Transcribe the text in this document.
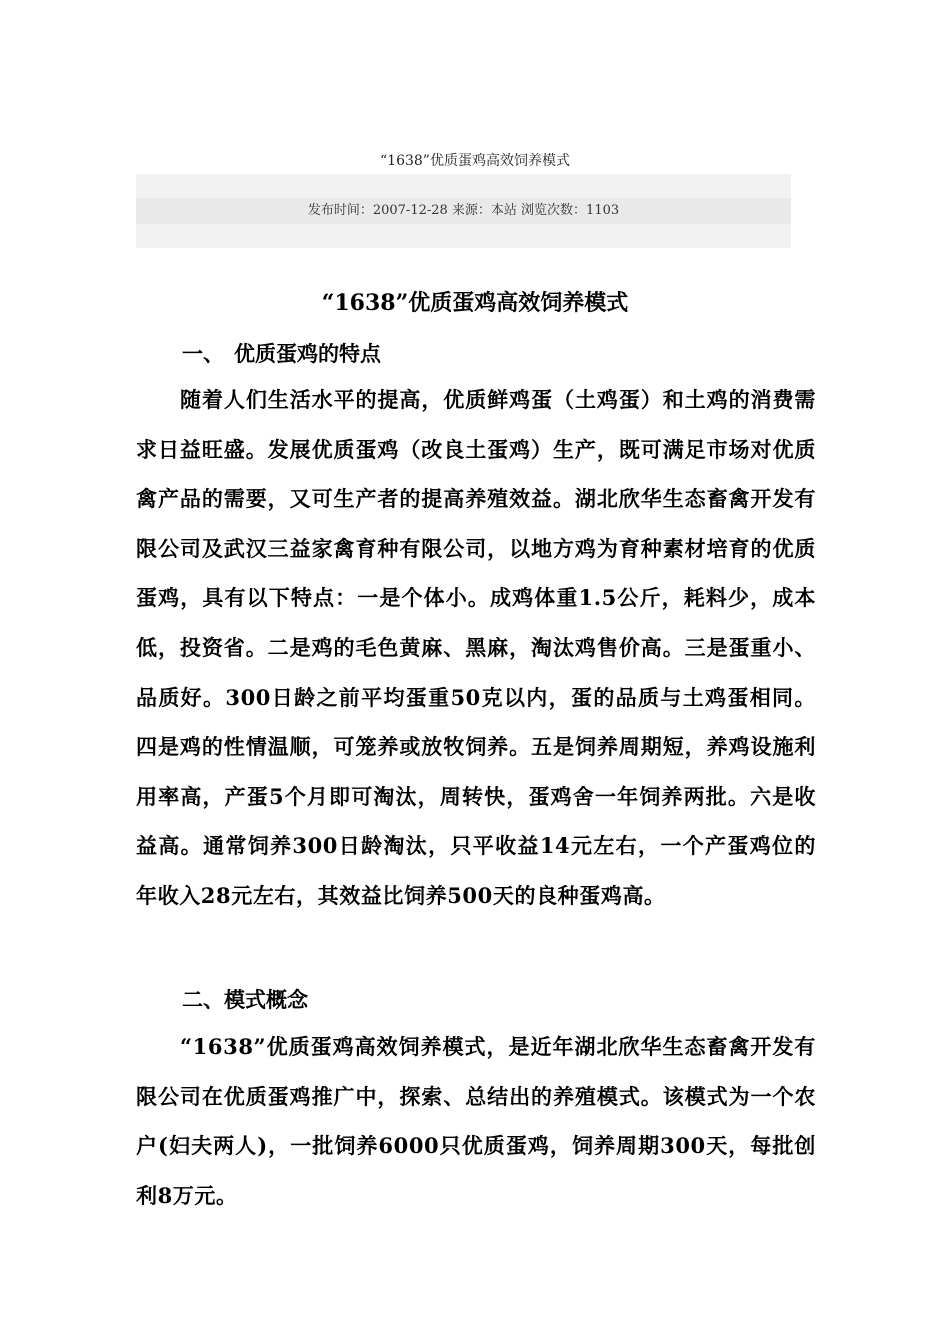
“1638”优质蛋鸡高效饲养模式
发布时间：2007-12-28 来源：本站 浏览次数：1103
“1638”优质蛋鸡高效饲养模式
一、 优质蛋鸡的特点

随着人们生活水平的提高，优质鲜鸡蛋（土鸡蛋）和土鸡的消费需求日益旺盛。发展优质蛋鸡（改良土蛋鸡）生产，既可满足市场对优质禽产品的需要，又可生产者的提高养殖效益。湖北欣华生态畜禽开发有限公司及武汉三益家禽育种有限公司，以地方鸡为育种素材培育的优质蛋鸡，具有以下特点：一是个体小。成鸡体重1.5公斤，耗料少，成本低，投资省。二是鸡的毛色黄麻、黑麻，淘汰鸡售价高。三是蛋重小、品质好。300日龄之前平均蛋重50克以内，蛋的品质与土鸡蛋相同。四是鸡的性情温顺，可笼养或放牧饲养。五是饲养周期短，养鸡设施利用率高，产蛋5个月即可淘汰，周转快，蛋鸡舍一年饲养两批。六是收益高。通常饲养300日龄淘汰，只平收益14元左右，一个产蛋鸡位的年收入28元左右，其效益比饲养500天的良种蛋鸡高。

二、模式概念

“1638”优质蛋鸡高效饲养模式，是近年湖北欣华生态畜禽开发有限公司在优质蛋鸡推广中，探索、总结出的养殖模式。该模式为一个农户(妇夫两人)，一批饲养6000只优质蛋鸡，饲养周期300天，每批创利8万元。
